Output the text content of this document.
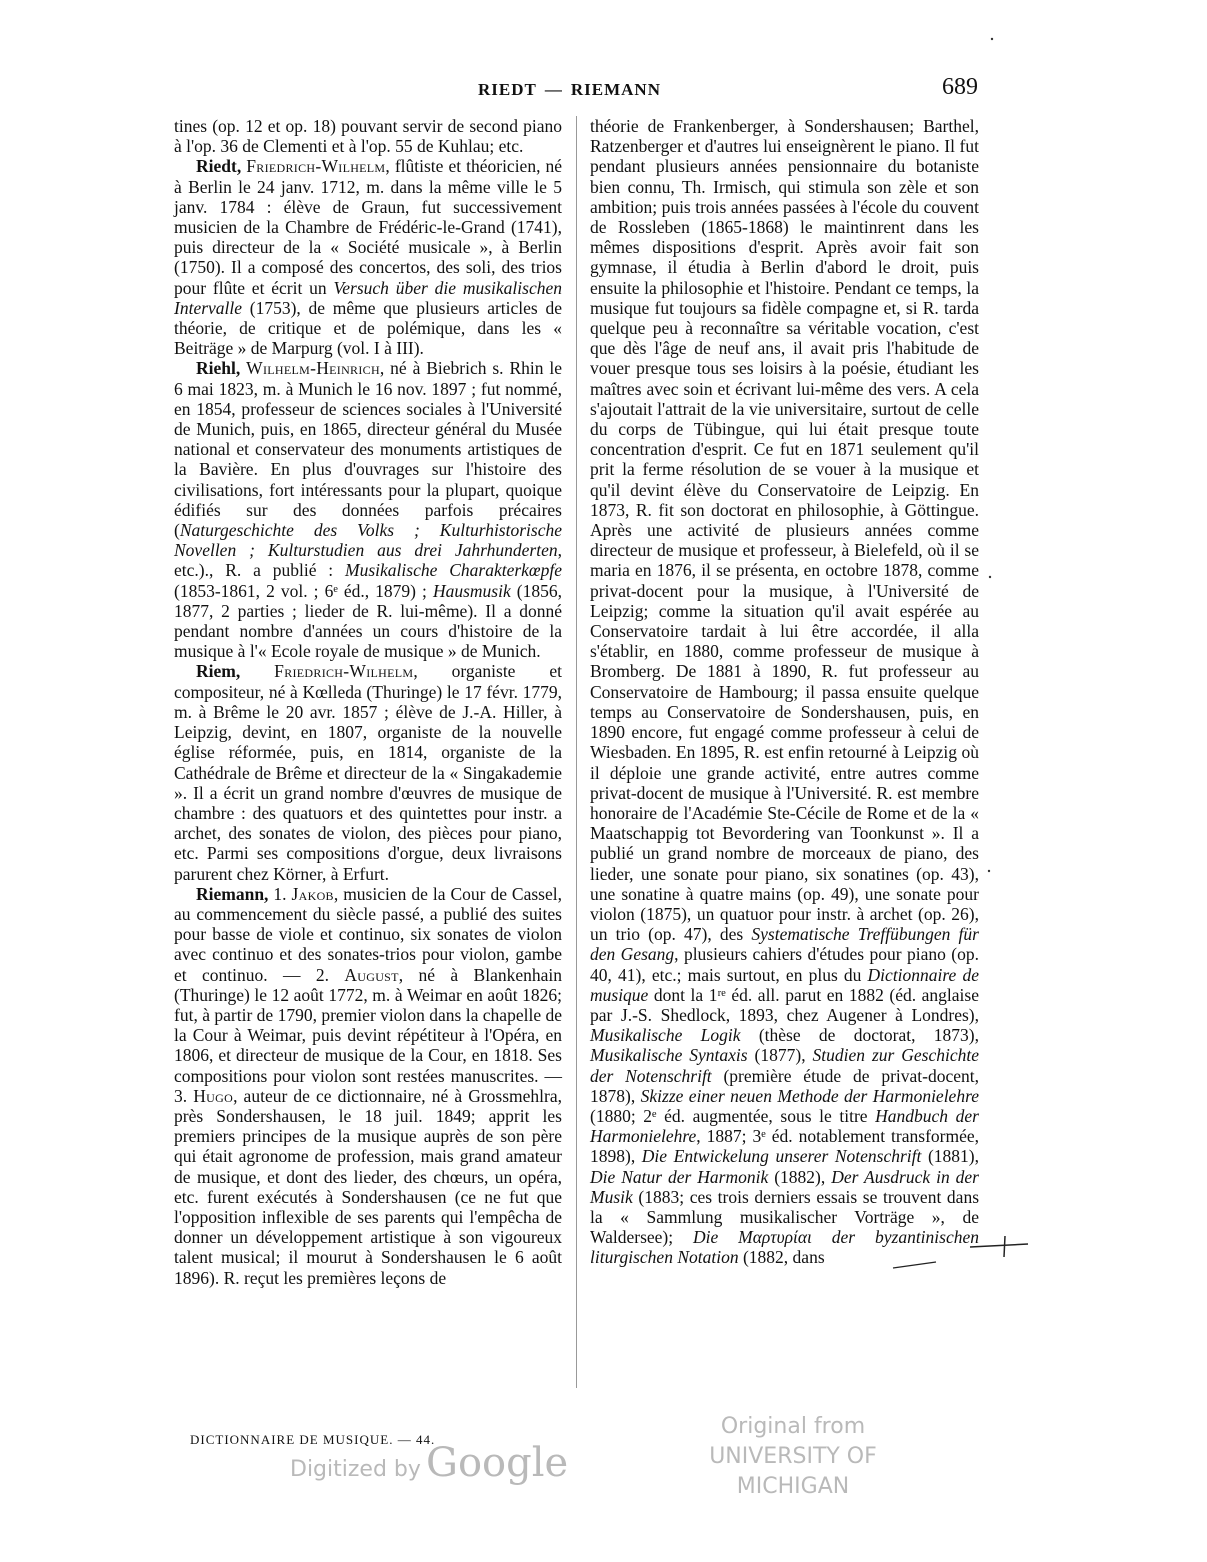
RIEDT — RIEMANN	689

tines (op. 12 et op. 18) pouvant servir de second piano à l'op. 36 de Clementi et à l'op. 55 de Kuhlau; etc.

Riedt, Friedrich-Wilhelm, flûtiste et théoricien, né à Berlin le 24 janv. 1712, m. dans la même ville le 5 janv. 1784 : élève de Graun, fut successivement musicien de la Chambre de Frédéric-le-Grand (1741), puis directeur de la « Société musicale », à Berlin (1750). Il a composé des concertos, des soli, des trios pour flûte et écrit un Versuch über die musikalischen Intervalle (1753), de même que plusieurs articles de théorie, de critique et de polémique, dans les « Beiträge » de Marpurg (vol. I à III).

Riehl, Wilhelm-Heinrich, né à Biebrich s. Rhin le 6 mai 1823, m. à Munich le 16 nov. 1897 ; fut nommé, en 1854, professeur de sciences sociales à l'Université de Munich, puis, en 1865, directeur général du Musée national et conservateur des monuments artistiques de la Bavière. En plus d'ouvrages sur l'histoire des civilisations, fort intéressants pour la plupart, quoique édifiés sur des données parfois précaires (Naturgeschichte des Volks ; Kulturhistorische Novellen ; Kulturstudien aus drei Jahrhunderten, etc.)., R. a publié : Musikalische Charakterkœpfe (1853-1861, 2 vol. ; 6ᵉ éd., 1879) ; Hausmusik (1856, 1877, 2 parties ; lieder de R. lui-même). Il a donné pendant nombre d'années un cours d'histoire de la musique à l'« Ecole royale de musique » de Munich.

Riem, Friedrich-Wilhelm, organiste et compositeur, né à Kœlleda (Thuringe) le 17 févr. 1779, m. à Brême le 20 avr. 1857 ; élève de J.-A. Hiller, à Leipzig, devint, en 1807, organiste de la nouvelle église réformée, puis, en 1814, organiste de la Cathédrale de Brême et directeur de la « Singakademie ». Il a écrit un grand nombre d'œuvres de musique de chambre : des quatuors et des quintettes pour instr. a archet, des sonates de violon, des pièces pour piano, etc. Parmi ses compositions d'orgue, deux livraisons parurent chez Körner, à Erfurt.

Riemann, 1. Jakob, musicien de la Cour de Cassel, au commencement du siècle passé, a publié des suites pour basse de viole et continuo, six sonates de violon avec continuo et des sonates-trios pour violon, gambe et continuo. — 2. August, né à Blankenhain (Thuringe) le 12 août 1772, m. à Weimar en août 1826; fut, à partir de 1790, premier violon dans la chapelle de la Cour à Weimar, puis devint répétiteur à l'Opéra, en 1806, et directeur de musique de la Cour, en 1818. Ses compositions pour violon sont restées manuscrites. — 3. Hugo, auteur de ce dictionnaire, né à Grossmehlra, près Sondershausen, le 18 juil. 1849; apprit les premiers principes de la musique auprès de son père qui était agronome de profession, mais grand amateur de musique, et dont des lieder, des chœurs, un opéra, etc. furent exécutés à Sondershausen (ce ne fut que l'opposition inflexible de ses parents qui l'empêcha de donner un développement artistique à son vigoureux talent musical; il mourut à Sondershausen le 6 août 1896). R. reçut les premières leçons de

théorie de Frankenberger, à Sondershausen; Barthel, Ratzenberger et d'autres lui enseignèrent le piano. Il fut pendant plusieurs années pensionnaire du botaniste bien connu, Th. Irmisch, qui stimula son zèle et son ambition; puis trois années passées à l'école du couvent de Rossleben (1865-1868) le maintinrent dans les mêmes dispositions d'esprit. Après avoir fait son gymnase, il étudia à Berlin d'abord le droit, puis ensuite la philosophie et l'histoire. Pendant ce temps, la musique fut toujours sa fidèle compagne et, si R. tarda quelque peu à reconnaître sa véritable vocation, c'est que dès l'âge de neuf ans, il avait pris l'habitude de vouer presque tous ses loisirs à la poésie, étudiant les maîtres avec soin et écrivant lui-même des vers. A cela s'ajoutait l'attrait de la vie universitaire, surtout de celle du corps de Tübingue, qui lui était presque toute concentration d'esprit. Ce fut en 1871 seulement qu'il prit la ferme résolution de se vouer à la musique et qu'il devint élève du Conservatoire de Leipzig. En 1873, R. fit son doctorat en philosophie, à Göttingue. Après une activité de plusieurs années comme directeur de musique et professeur, à Bielefeld, où il se maria en 1876, il se présenta, en octobre 1878, comme privat-docent pour la musique, à l'Université de Leipzig; comme la situation qu'il avait espérée au Conservatoire tardait à lui être accordée, il alla s'établir, en 1880, comme professeur de musique à Bromberg. De 1881 à 1890, R. fut professeur au Conservatoire de Hambourg; il passa ensuite quelque temps au Conservatoire de Sondershausen, puis, en 1890 encore, fut engagé comme professeur à celui de Wiesbaden. En 1895, R. est enfin retourné à Leipzig où il déploie une grande activité, entre autres comme privat-docent de musique à l'Université. R. est membre honoraire de l'Académie Ste-Cécile de Rome et de la « Maatschappig tot Bevordering van Toonkunst ». Il a publié un grand nombre de morceaux de piano, des lieder, une sonate pour piano, six sonatines (op. 43), une sonatine à quatre mains (op. 49), une sonate pour violon (1875), un quatuor pour instr. à archet (op. 26), un trio (op. 47), des Systematische Treffübungen für den Gesang, plusieurs cahiers d'études pour piano (op. 40, 41), etc.; mais surtout, en plus du Dictionnaire de musique dont la 1ʳᵉ éd. all. parut en 1882 (éd. anglaise par J.-S. Shedlock, 1893, chez Augener à Londres), Musikalische Logik (thèse de doctorat, 1873), Musikalische Syntaxis (1877), Studien zur Geschichte der Notenschrift (première étude de privat-docent, 1878), Skizze einer neuen Methode der Harmonielehre (1880; 2ᵉ éd. augmentée, sous le titre Handbuch der Harmonielehre, 1887; 3ᵉ éd. notablement transformée, 1898), Die Entwickelung unserer Notenschrift (1881), Die Natur der Harmonik (1882), Der Ausdruck in der Musik (1883; ces trois derniers essais se trouvent dans la « Sammlung musikalischer Vorträge », de Waldersee); Die Μαρτυρίαι der byzantinischen liturgischen Notation (1882, dans

DICTIONNAIRE DE MUSIQUE. — 44.
Digitized by Google
Original from
UNIVERSITY OF MICHIGAN
